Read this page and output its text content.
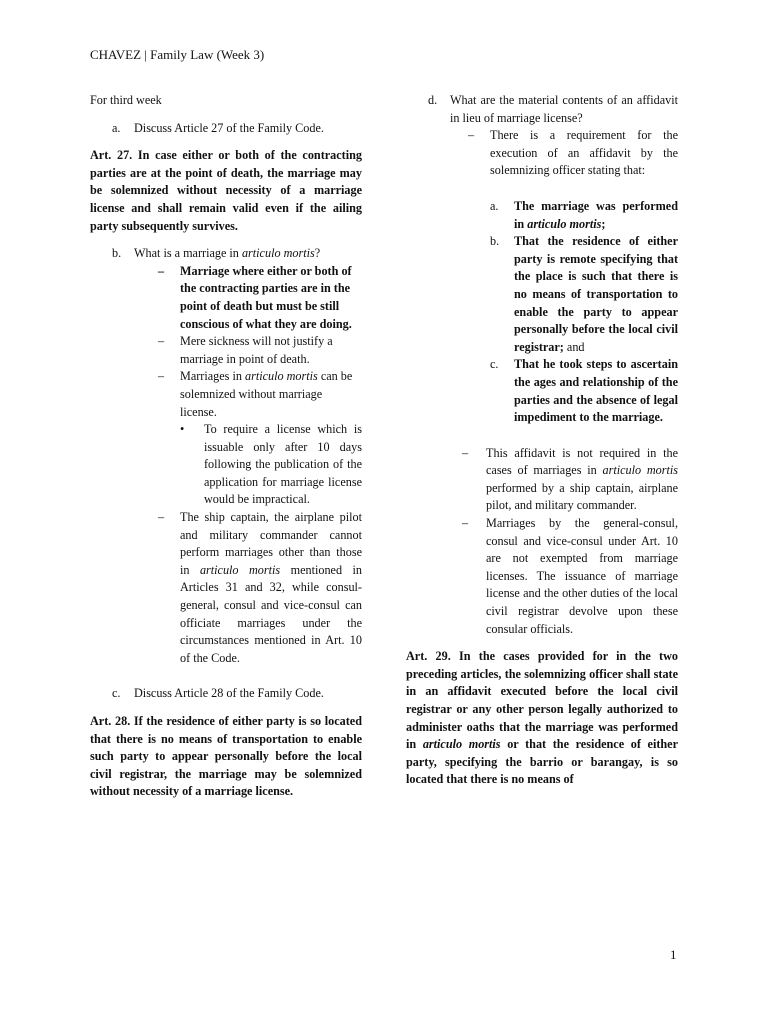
CHAVEZ | Family Law (Week 3)

For third week

a.	Discuss Article 27 of the Family Code.

Art. 27. In case either or both of the contracting parties are at the point of death, the marriage may be solemnized without necessity of a marriage license and shall remain valid even if the ailing party subsequently survives.

b.	What is a marriage in articulo mortis?
–	Marriage where either or both of the contracting parties are in the point of death but must be still conscious of what they are doing.
–	Mere sickness will not justify a marriage in point of death.
–	Marriages in articulo mortis can be solemnized without marriage license.
•	To require a license which is issuable only after 10 days following the publication of the application for marriage license would be impractical.
–	The ship captain, the airplane pilot and military commander cannot perform marriages other than those in articulo mortis mentioned in Articles 31 and 32, while consul-general, consul and vice-consul can officiate marriages under the circumstances mentioned in Art. 10 of the Code.
c.	Discuss Article 28 of the Family Code.

Art. 28. If the residence of either party is so located that there is no means of transportation to enable such party to appear personally before the local civil registrar, the marriage may be solemnized without necessity of a marriage license.

d.	What are the material contents of an affidavit in lieu of marriage license?
–	There is a requirement for the execution of an affidavit by the solemnizing officer stating that:
a.	The marriage was performed in articulo mortis;
b.	That the residence of either party is remote specifying that the place is such that there is no means of transportation to enable the party to appear personally before the local civil registrar; and
c.	That he took steps to ascertain the ages and relationship of the parties and the absence of legal impediment to the marriage.
–	This affidavit is not required in the cases of marriages in articulo mortis performed by a ship captain, airplane pilot, and military commander.
–	Marriages by the general-consul, consul and vice-consul under Art. 10 are not exempted from marriage licenses. The issuance of marriage license and the other duties of the local civil registrar devolve upon these consular officials.

Art. 29. In the cases provided for in the two preceding articles, the solemnizing officer shall state in an affidavit executed before the local civil registrar or any other person legally authorized to administer oaths that the marriage was performed in articulo mortis or that the residence of either party, specifying the barrio or barangay, is so located that there is no means of

1
